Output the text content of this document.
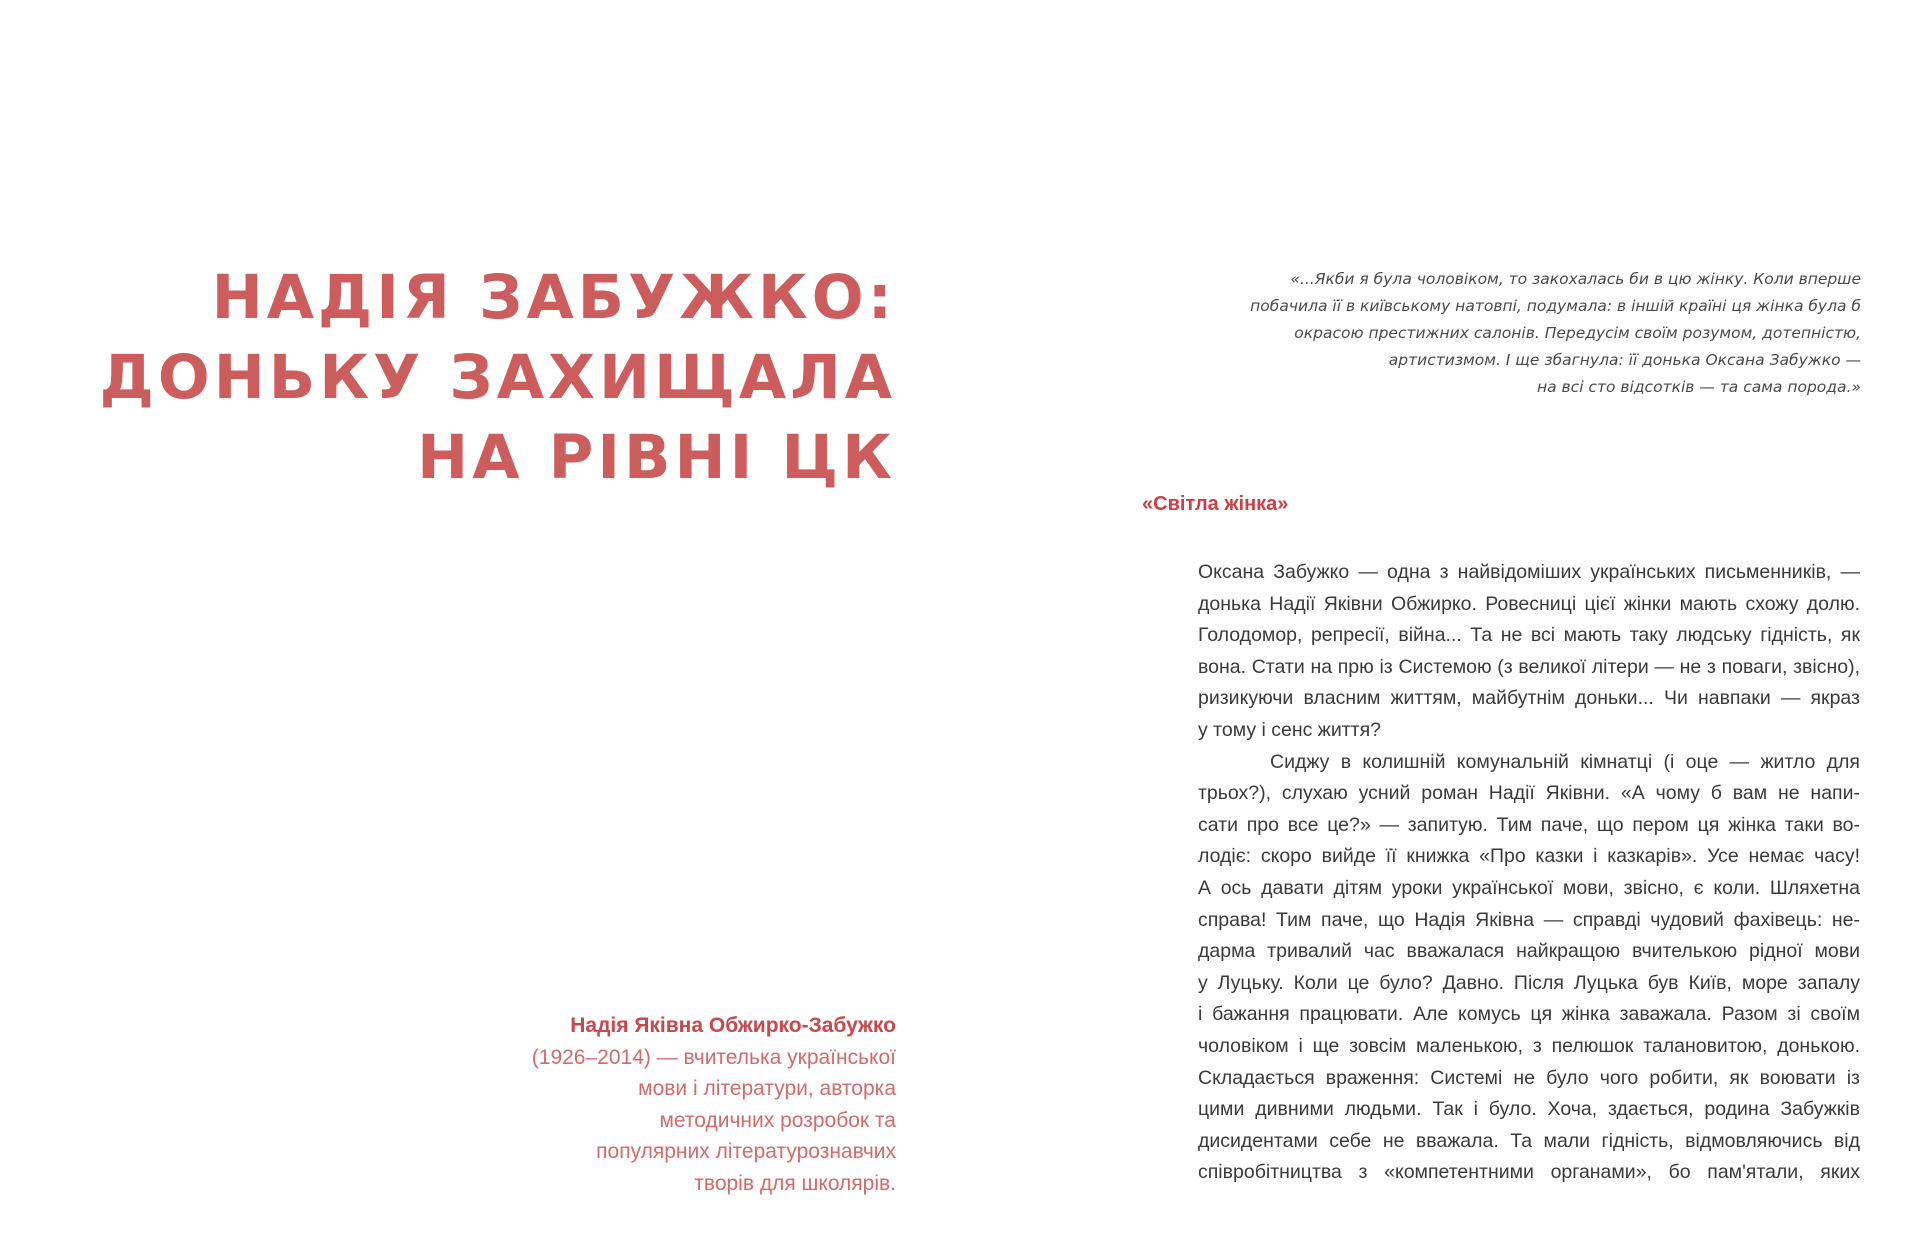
НАДІЯ ЗАБУЖКО:
ДОНЬКУ ЗАХИЩАЛА
НА РІВНІ ЦК
Надія Яківна Обжирко-Забужко
(1926–2014) — вчителька української
мови і літератури, авторка
методичних розробок та
популярних літературознавчих
творів для школярів.
«...Якби я була чоловіком, то закохалась би в цю жінку. Коли вперше
побачила її в київському натовпі, подумала: в іншій країні ця жінка була б
окрасою престижних салонів. Передусім своїм розумом, дотепністю,
артистизмом. І ще збагнула: її донька Оксана Забужко —
на всі сто відсотків — та сама порода.»
«Світла жінка»
Оксана Забужко — одна з найвідоміших українських письменників, —
донька Надії Яківни Обжирко. Ровесниці цієї жінки мають схожу долю.
Голодомор, репресії, війна... Та не всі мають таку людську гідність, як
вона. Стати на прю із Системою (з великої літери — не з поваги, звісно),
ризикуючи власним життям, майбутнім доньки... Чи навпаки — якраз
у тому і сенс життя?
Сиджу в колишній комунальній кімнатці (і оце — житло для
трьох?), слухаю усний роман Надії Яківни. «А чому б вам не напи-
сати про все це?» — запитую. Тим паче, що пером ця жінка таки во-
лодіє: скоро вийде її книжка «Про казки і казкарів». Усе немає часу!
А ось давати дітям уроки української мови, звісно, є коли. Шляхетна
справа! Тим паче, що Надія Яківна — справді чудовий фахівець: не-
дарма тривалий час вважалася найкращою вчителькою рідної мови
у Луцьку. Коли це було? Давно. Після Луцька був Київ, море запалу
і бажання працювати. Але комусь ця жінка заважала. Разом зі своїм
чоловіком і ще зовсім маленькою, з пелюшок талановитою, донькою.
Складається враження: Системі не було чого робити, як воювати із
цими дивними людьми. Так і було. Хоча, здається, родина Забужків
дисидентами себе не вважала. Та мали гідність, відмовляючись від
співробітництва з «компетентними органами», бо пам'ятали, яких
